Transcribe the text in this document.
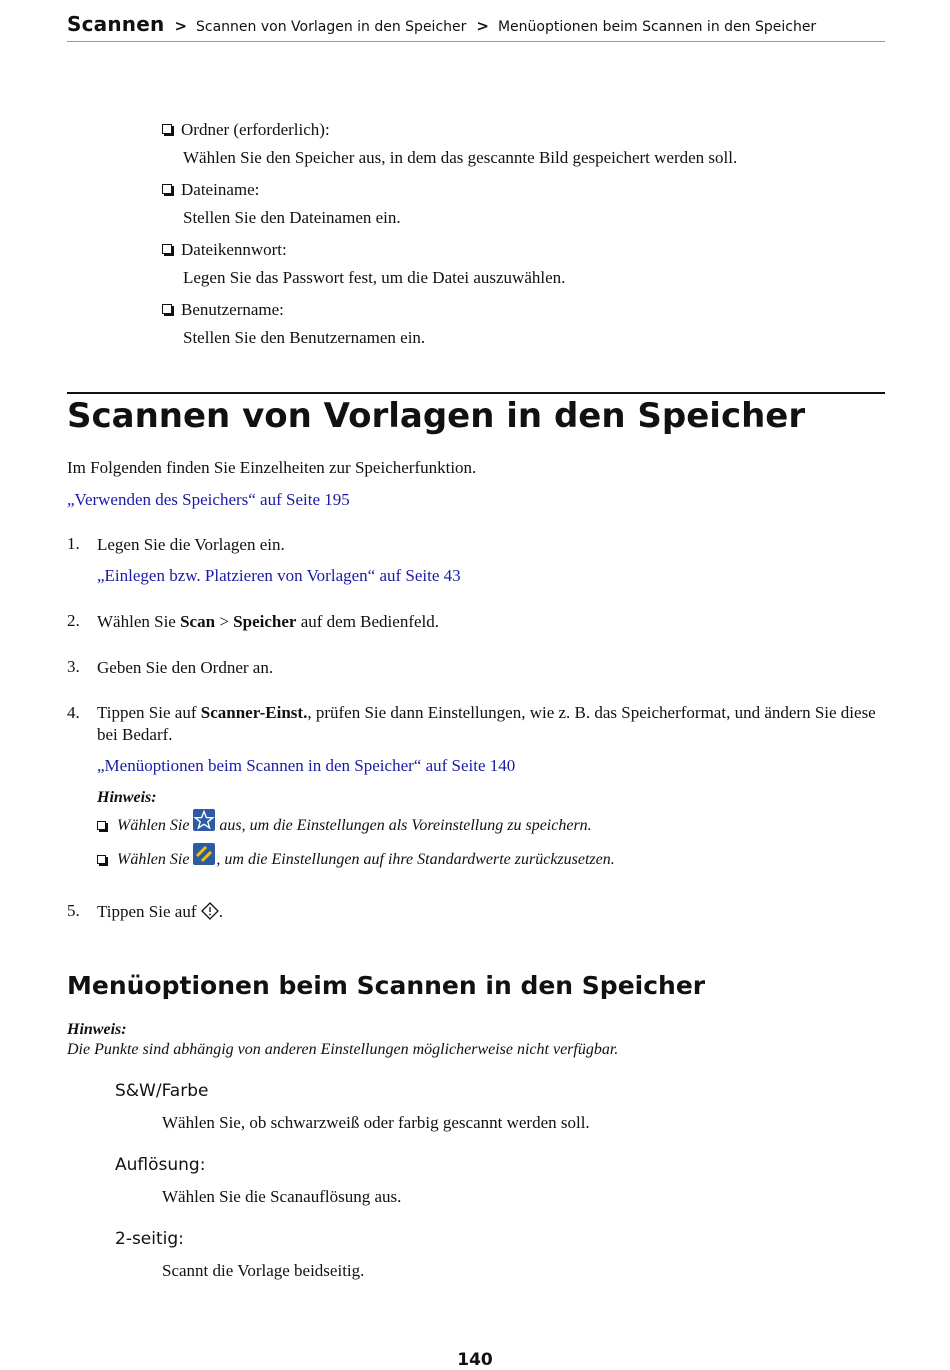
Scannen > Scannen von Vorlagen in den Speicher > Menüoptionen beim Scannen in den Speicher
Ordner (erforderlich):
Wählen Sie den Speicher aus, in dem das gescannte Bild gespeichert werden soll.
Dateiname:
Stellen Sie den Dateinamen ein.
Dateikennwort:
Legen Sie das Passwort fest, um die Datei auszuwählen.
Benutzername:
Stellen Sie den Benutzernamen ein.
Scannen von Vorlagen in den Speicher
Im Folgenden finden Sie Einzelheiten zur Speicherfunktion.
„Verwenden des Speichers“ auf Seite 195
1. Legen Sie die Vorlagen ein.
„Einlegen bzw. Platzieren von Vorlagen“ auf Seite 43
2. Wählen Sie Scan > Speicher auf dem Bedienfeld.
3. Geben Sie den Ordner an.
4. Tippen Sie auf Scanner-Einst., prüfen Sie dann Einstellungen, wie z. B. das Speicherformat, und ändern Sie diese bei Bedarf.
„Menüoptionen beim Scannen in den Speicher“ auf Seite 140
Hinweis:
Wählen Sie aus, um die Einstellungen als Voreinstellung zu speichern.
Wählen Sie , um die Einstellungen auf ihre Standardwerte zurückzusetzen.
5. Tippen Sie auf .
Menüoptionen beim Scannen in den Speicher
Hinweis:
Die Punkte sind abhängig von anderen Einstellungen möglicherweise nicht verfügbar.
S&W/Farbe
Wählen Sie, ob schwarzweiß oder farbig gescannt werden soll.
Auflösung:
Wählen Sie die Scanauflösung aus.
2-seitig:
Scannt die Vorlage beidseitig.
140
